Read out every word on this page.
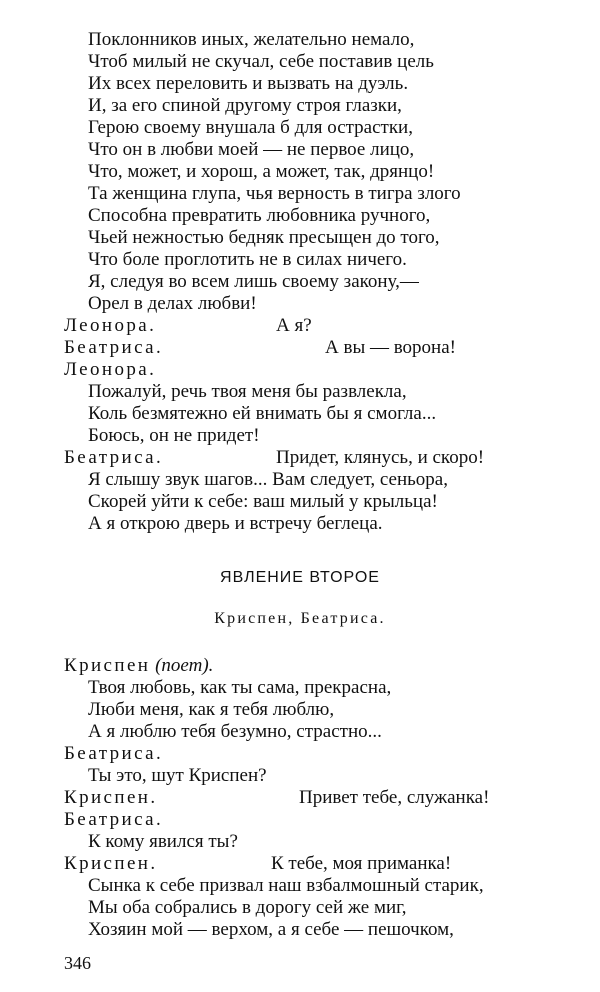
Поклонников иных, желательно немало,
Чтоб милый не скучал, себе поставив цель
Их всех переловить и вызвать на дуэль.
И, за его спиной другому строя глазки,
Герою своему внушала б для острастки,
Что он в любви моей — не первое лицо,
Что, может, и хорош, а может, так, дрянцо!
Та женщина глупа, чья верность в тигра злого
Способна превратить любовника ручного,
Чьей нежностью бедняк пресыщен до того,
Что боле проглотить не в силах ничего.
Я, следуя во всем лишь своему закону,—
Орел в делах любви!
Леонора.	А я?
Беатриса.	А вы — ворона!
Леонора.
Пожалуй, речь твоя меня бы развлекла,
Коль безмятежно ей внимать бы я смогла...
Боюсь, он не придет!
Беатриса.	Придет, клянусь, и скоро!
Я слышу звук шагов... Вам следует, сеньора,
Скорей уйти к себе: ваш милый у крыльца!
А я открою дверь и встречу беглеца.
ЯВЛЕНИЕ ВТОРОЕ
Криспен, Беатриса.
Криспен (поет).
Твоя любовь, как ты сама, прекрасна,
Люби меня, как я тебя люблю,
А я люблю тебя безумно, страстно...
Беатриса.
Ты это, шут Криспен?
Криспен.	Привет тебе, служанка!
Беатриса.
К кому явился ты?
Криспен.	К тебе, моя приманка!
Сынка к себе призвал наш взбалмошный старик,
Мы оба собрались в дорогу сей же миг,
Хозяин мой — верхом, а я себе — пешочком,
346
